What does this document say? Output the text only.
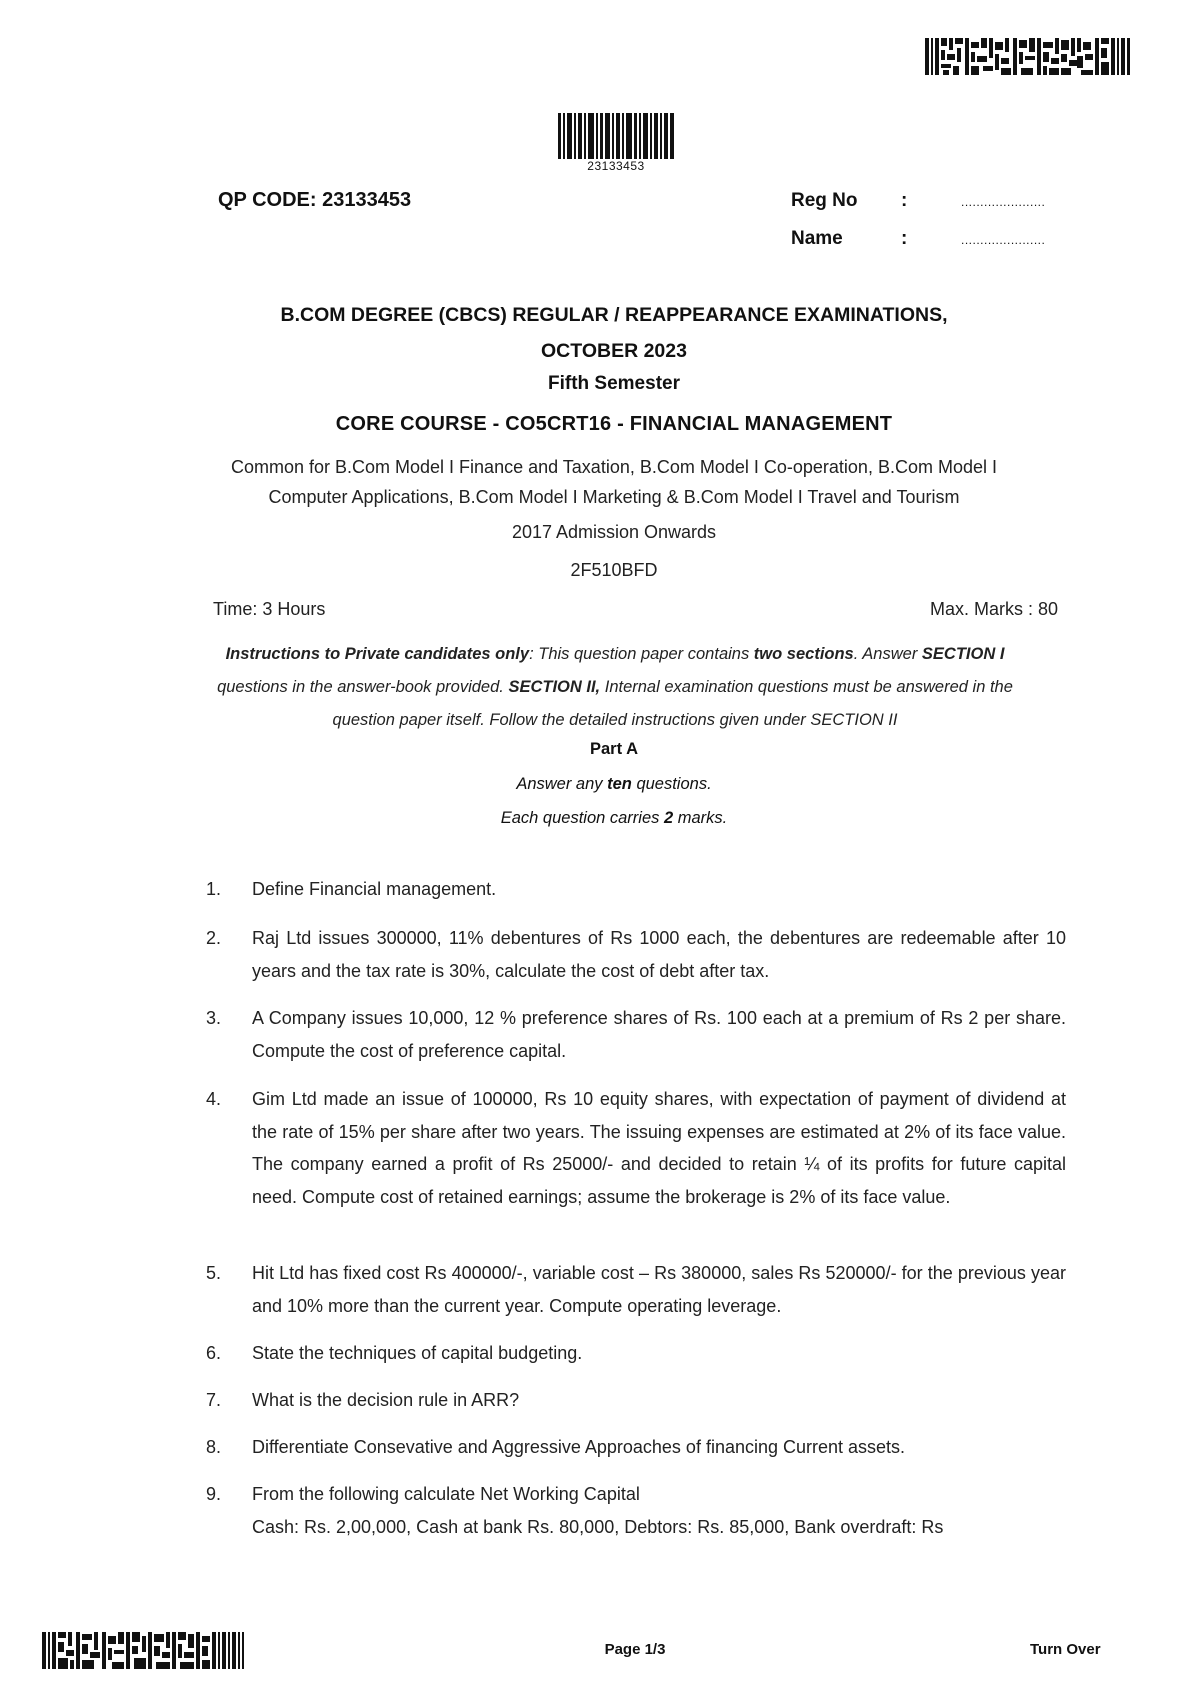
23133453
QP CODE: 23133453	Reg No :	......................
Name	:	......................
B.COM DEGREE (CBCS) REGULAR / REAPPEARANCE EXAMINATIONS,
OCTOBER 2023
Fifth Semester
CORE COURSE - CO5CRT16 - FINANCIAL MANAGEMENT
Common for B.Com Model I Finance and Taxation, B.Com Model I Co-operation, B.Com Model I
Computer Applications, B.Com Model I Marketing & B.Com Model I Travel and Tourism
2017 Admission Onwards
2F510BFD
Time: 3 Hours	Max. Marks : 80
Instructions to Private candidates only: This question paper contains two sections. Answer SECTION I
questions in the answer-book provided. SECTION II, Internal examination questions must be answered in the
question paper itself. Follow the detailed instructions given under SECTION II
Part A
Answer any ten questions.
Each question carries 2 marks.
1.	Define Financial management.
2.	Raj Ltd issues 300000, 11% debentures of Rs 1000 each, the debentures are redeemable after 10 years and the tax rate is 30%, calculate the cost of debt after tax.
3.	A Company issues 10,000, 12 % preference shares of Rs. 100 each at a premium of Rs 2 per share. Compute the cost of preference capital.
4.	Gim Ltd made an issue of 100000, Rs 10 equity shares, with expectation of payment of dividend at the rate of 15% per share after two years. The issuing expenses are estimated at 2% of its face value. The company earned a profit of Rs 25000/- and decided to retain ¼ of its profits for future capital need. Compute cost of retained earnings; assume the brokerage is 2% of its face value.
5.	Hit Ltd has fixed cost Rs 400000/-, variable cost – Rs 380000, sales Rs 520000/- for the previous year and 10% more than the current year. Compute operating leverage.
6.	State the techniques of capital budgeting.
7.	What is the decision rule in ARR?
8.	Differentiate Consevative and Aggressive Approaches of financing Current assets.
9.	From the following calculate Net Working Capital
Cash: Rs. 2,00,000, Cash at bank Rs. 80,000, Debtors: Rs. 85,000, Bank overdraft: Rs
Page 1/3	Turn Over
